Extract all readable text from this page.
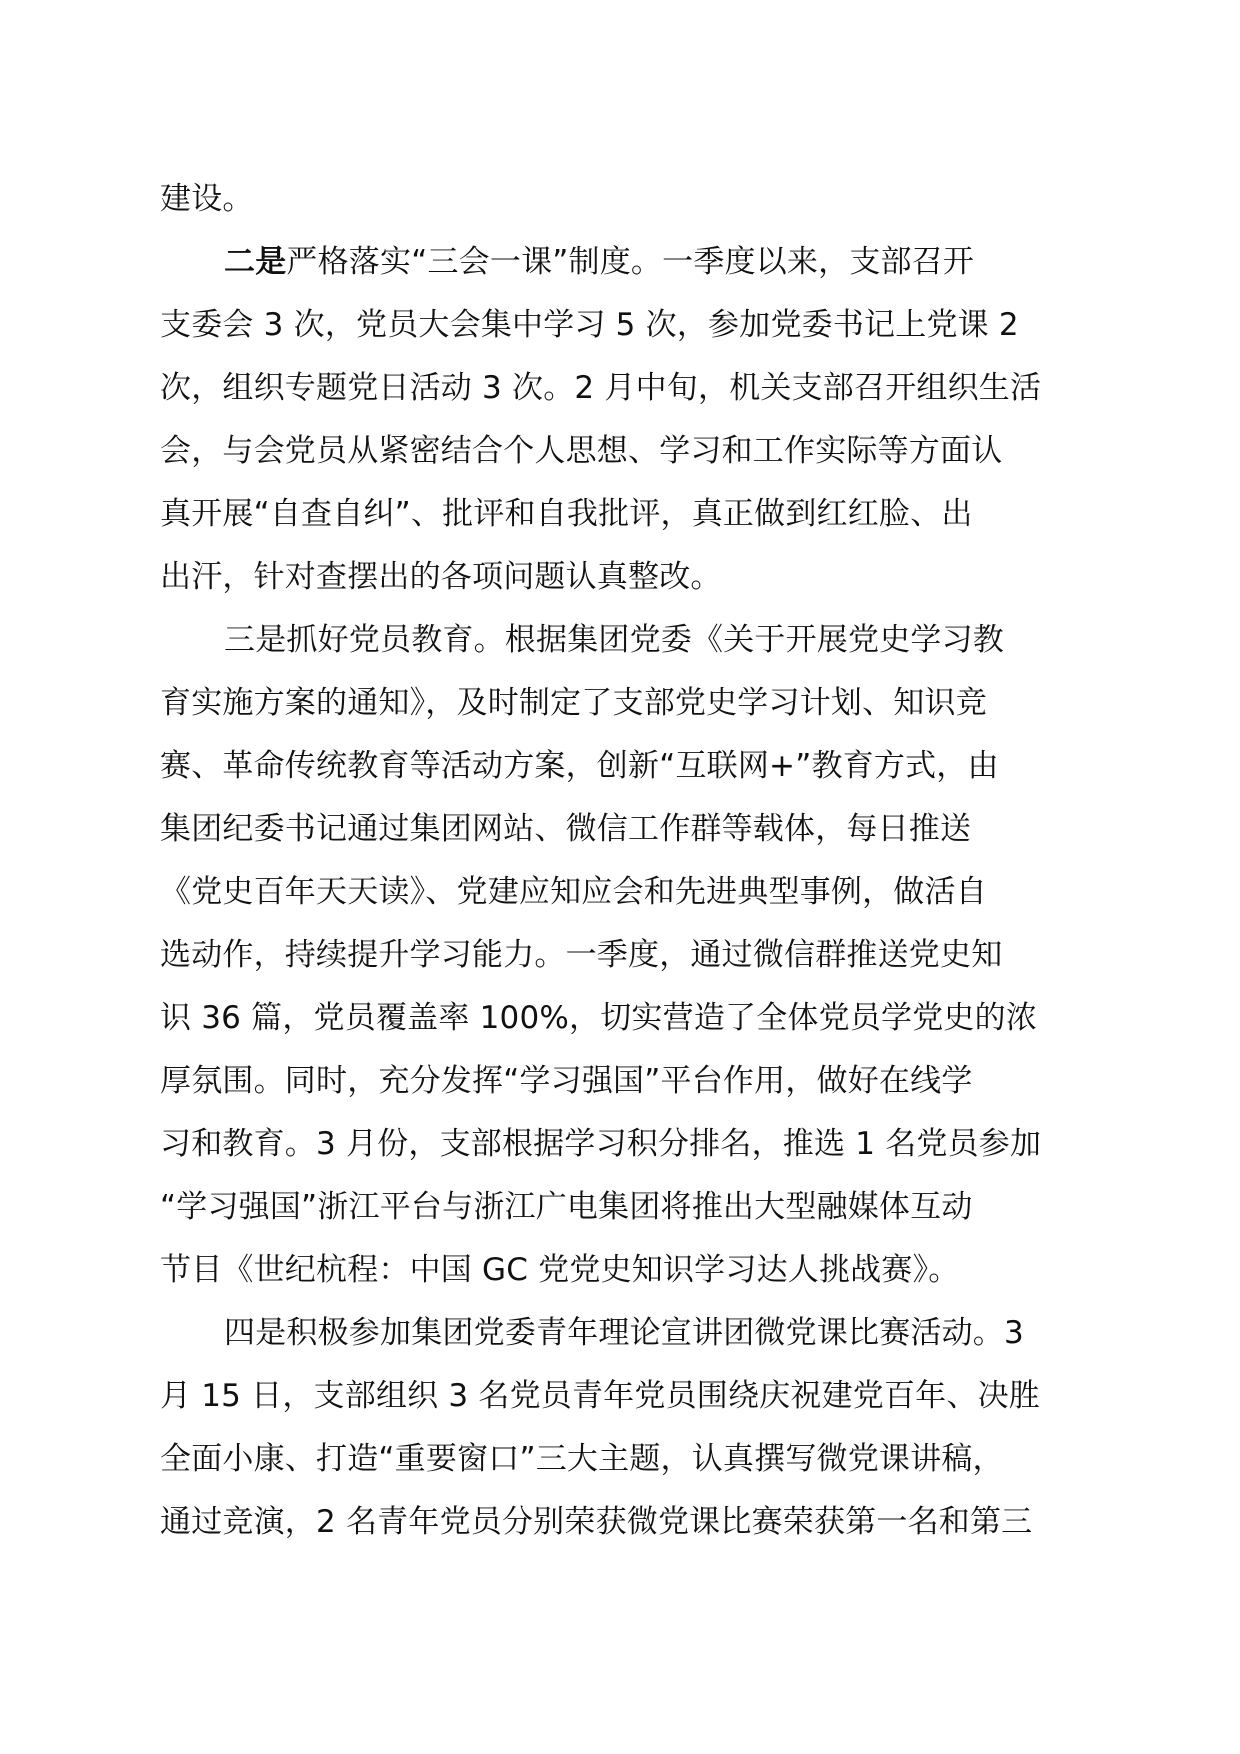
建设。
二是严格落实“三会一课”制度。一季度以来，支部召开
支委会 3 次，党员大会集中学习 5 次，参加党委书记上党课 2
次，组织专题党日活动 3 次。2 月中旬，机关支部召开组织生活
会，与会党员从紧密结合个人思想、学习和工作实际等方面认
真开展“自查自纠”、批评和自我批评，真正做到红红脸、出
出汗，针对查摆出的各项问题认真整改。
三是抓好党员教育。根据集团党委《关于开展党史学习教
育实施方案的通知》，及时制定了支部党史学习计划、知识竞
赛、革命传统教育等活动方案，创新“互联网+”教育方式，由
集团纪委书记通过集团网站、微信工作群等载体，每日推送
《党史百年天天读》、党建应知应会和先进典型事例，做活自
选动作，持续提升学习能力。一季度，通过微信群推送党史知
识 36 篇，党员覆盖率 100%，切实营造了全体党员学党史的浓
厚氛围。同时，充分发挥“学习强国”平台作用，做好在线学
习和教育。3 月份，支部根据学习积分排名，推选 1 名党员参加
“学习强国”浙江平台与浙江广电集团将推出大型融媒体互动
节目《世纪杭程：中国 GC 党党史知识学习达人挑战赛》。
四是积极参加集团党委青年理论宣讲团微党课比赛活动。3
月 15 日，支部组织 3 名党员青年党员围绕庆祝建党百年、决胜
全面小康、打造“重要窗口”三大主题，认真撰写微党课讲稿，
通过竞演，2 名青年党员分别荣获微党课比赛荣获第一名和第三
